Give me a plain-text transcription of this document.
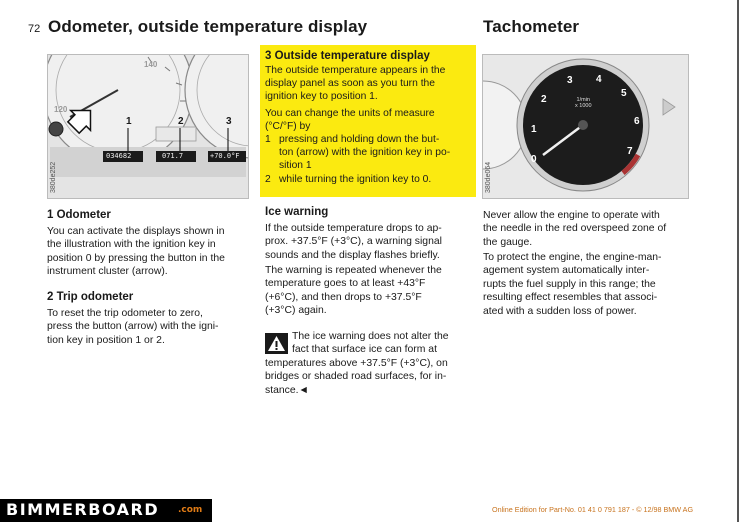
72 Odometer, outside temperature display	Tachometer
120
140
1	2	3
034682	071.7	+70.0°F
380de252
1 Odometer
You can activate the displays shown in
the illustration with the ignition key in
position 0 by pressing the button in the
instrument cluster (arrow).
2 Trip odometer
To reset the trip odometer to zero,
press the button (arrow) with the igni-
tion key in position 1 or 2.
3 Outside temperature display
The outside temperature appears in the
display panel as soon as you turn the
ignition key to position 1.
You can change the units of measure
(°C/°F) by
1 pressing and holding down the but-
ton (arrow) with the ignition key in po-
sition 1
2 while turning the ignition key to 0.
Ice warning
If the outside temperature drops to ap-
prox. +37.5°F (+3°C), a warning signal
sounds and the display flashes briefly.
The warning is repeated whenever the
temperature goes to at least +43°F
(+6°C), and then drops to +37.5°F
(+3°C) again.
The ice warning does not alter the
fact that surface ice can form at
temperatures above +37.5°F (+3°C), on
bridges or shaded road surfaces, for in-
stance.◄
0
1
2
3 4
5
6
7
1/min
x 1000
380de064
Never allow the engine to operate with
the needle in the red overspeed zone of
the gauge.
To protect the engine, the engine-man-
agement system automatically inter-
rupts the fuel supply in this range; the
resulting effect resembles that associ-
ated with a sudden loss of power.
BIMMERBOARD .com	Online Edition for Part-No. 01 41 0 791 187 - © 12/98 BMW AG
